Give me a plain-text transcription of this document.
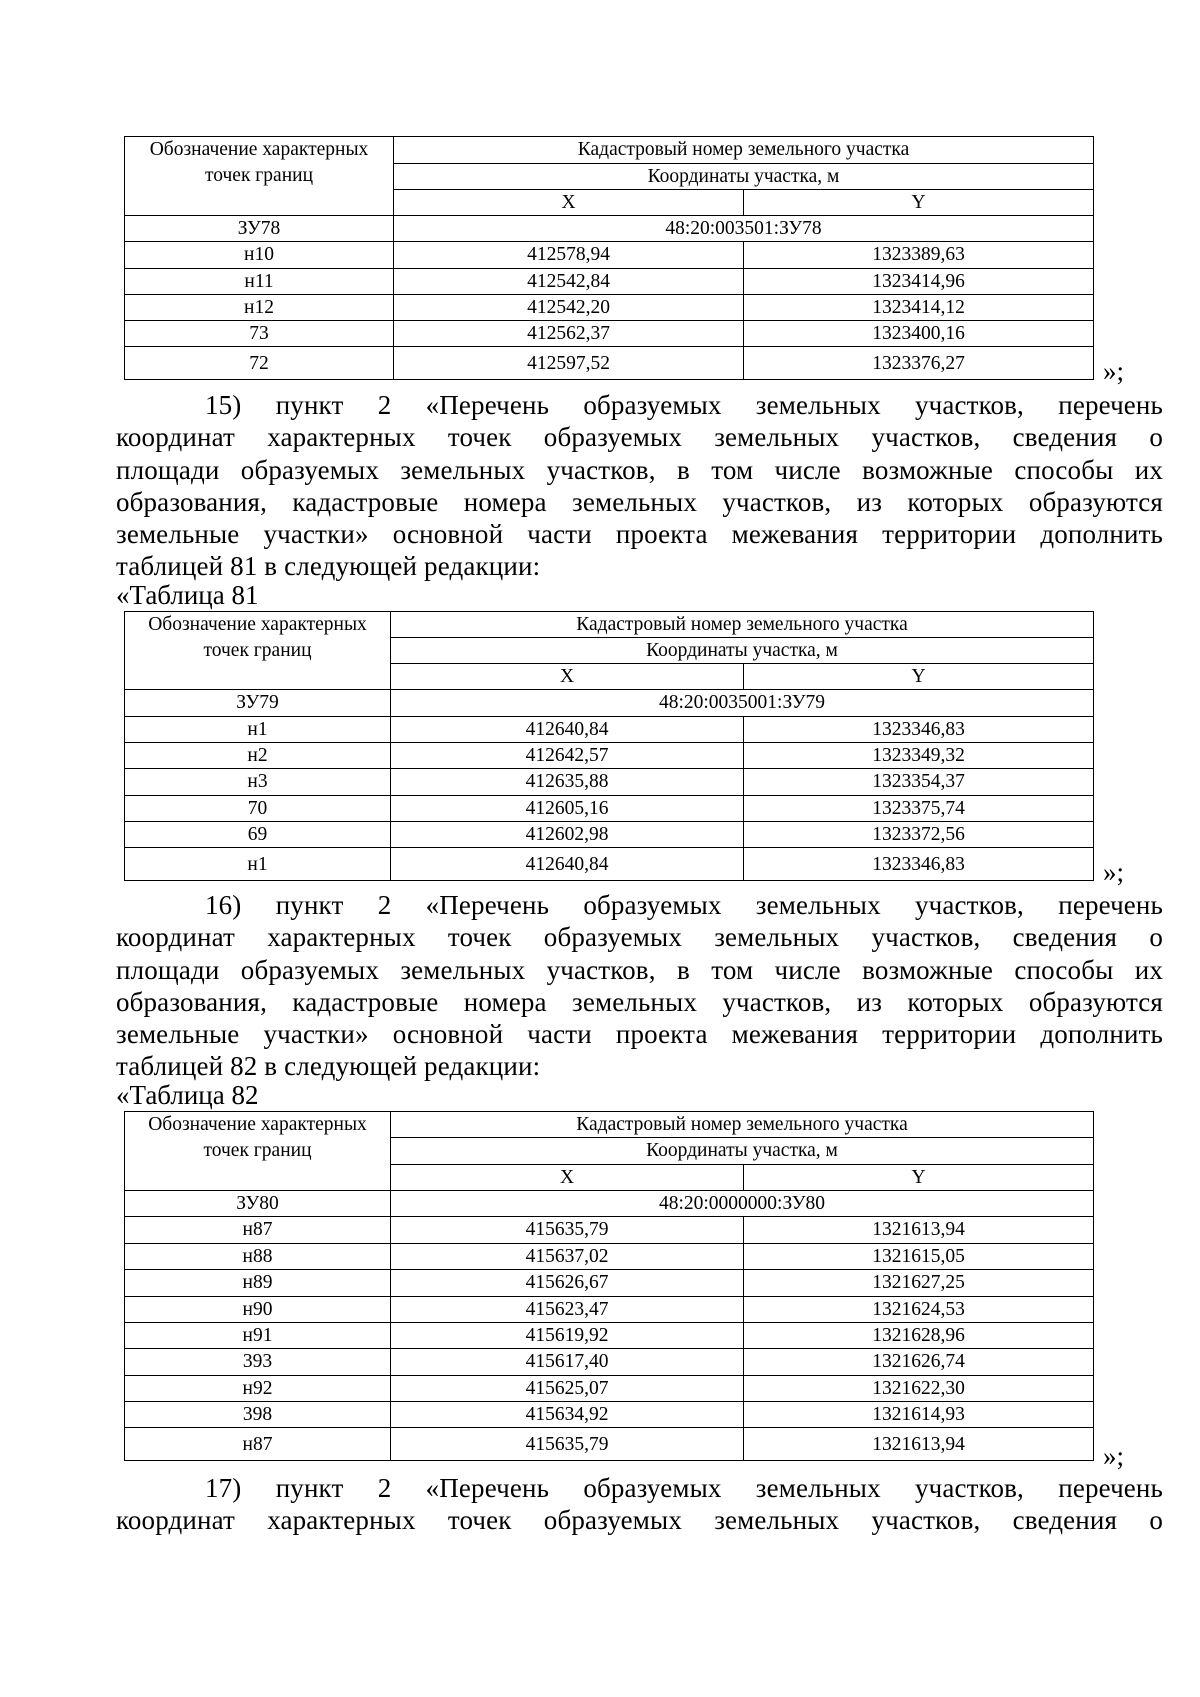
Обозначение характерных точек границ	Кадастровый номер земельного участка	
	Координаты участка, м	
	X	Y
ЗУ78	48:20:003501:ЗУ78	
н10	412578,94	1323389,63
н11	412542,84	1323414,96
н12	412542,20	1323414,12
73	412562,37	1323400,16
72	412597,52	1323376,27	»;
15) пункт 2 «Перечень образуемых земельных участков, перечень
координат характерных точек образуемых земельных участков, сведения о
площади образуемых земельных участков, в том числе возможные способы их
образования, кадастровые номера земельных участков, из которых образуются
земельные участки» основной части проекта межевания территории дополнить
таблицей 81 в следующей редакции:
«Таблица 81
Обозначение характерных точек границ	Кадастровый номер земельного участка	
	Координаты участка, м	
	X	Y
ЗУ79	48:20:0035001:ЗУ79	
н1	412640,84	1323346,83
н2	412642,57	1323349,32
н3	412635,88	1323354,37
70	412605,16	1323375,74
69	412602,98	1323372,56
н1	412640,84	1323346,83	»;
16) пункт 2 «Перечень образуемых земельных участков, перечень
координат характерных точек образуемых земельных участков, сведения о
площади образуемых земельных участков, в том числе возможные способы их
образования, кадастровые номера земельных участков, из которых образуются
земельные участки» основной части проекта межевания территории дополнить
таблицей 82 в следующей редакции:
«Таблица 82
Обозначение характерных точек границ	Кадастровый номер земельного участка	
	Координаты участка, м	
	X	Y
ЗУ80	48:20:0000000:ЗУ80	
н87	415635,79	1321613,94
н88	415637,02	1321615,05
н89	415626,67	1321627,25
н90	415623,47	1321624,53
н91	415619,92	1321628,96
393	415617,40	1321626,74
н92	415625,07	1321622,30
398	415634,92	1321614,93
н87	415635,79	1321613,94	»;
17) пункт 2 «Перечень образуемых земельных участков, перечень
координат характерных точек образуемых земельных участков, сведения о
